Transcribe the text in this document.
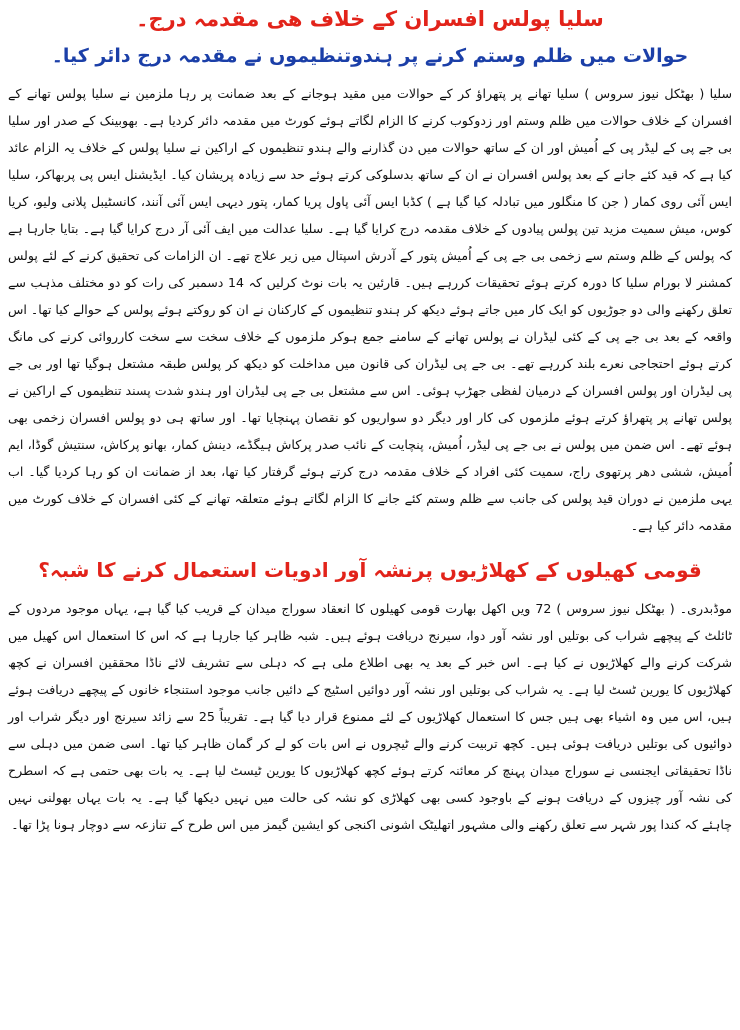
سلیا پولس افسران کے خلاف ھی مقدمہ درج۔
حوالات میں ظلم وستم کرنے پر ہندوتنظیموں نے مقدمہ درج دائر کیا۔

سلیا ( بھٹکل نیوز سروس ) سلیا تھانے پر پتھراؤ کر کے حوالات میں مقید ہوجانے کے بعد ضمانت پر رہا ملزمین نے سلیا پولس تھانے کے افسران کے خلاف حوالات میں ظلم وستم اور زدوکوب کرنے کا الزام لگاتے ہوئے کورٹ میں مقدمہ دائر کردیا ہے۔ بھوبینک کے صدر اور سلیا بی جے پی کے لیڈر پی کے اُمیش اور ان کے ساتھ حوالات میں دن گذارنے والے ہندو تنظیموں کے اراکین نے سلیا پولس کے خلاف یہ الزام عائد کیا ہے کہ قید کئے جانے کے بعد پولس افسران نے ان کے ساتھ بدسلوکی کرتے ہوئے حد سے زیادہ پریشان کیا۔ ایڈیشنل ایس پی پربھاکر، سلیا ایس آئی روی کمار ( جن کا منگلور میں تبادلہ کیا گیا ہے ) کڈبا ایس آئی پاول پریا کمار، پتور دیہی ایس آئی آنند، کانسٹیبل پلانی ولیو، کریا کوس، میش سمیت مزید تین پولس پیادوں کے خلاف مقدمہ درج کرایا گیا ہے۔ سلیا عدالت میں ایف آئی آر درج کرایا گیا ہے۔ بتایا جارہا ہے کہ پولس کے ظلم وستم سے زخمی بی جے پی کے اُمیش پتور کے آدرش اسپتال میں زیر علاج تھے۔ ان الزامات کی تحقیق کرنے کے لئے پولس کمشنر لا بورام سلیا کا دورہ کرتے ہوئے تحقیقات کررہے ہیں۔ قارئین یہ بات نوٹ کرلیں کہ 14 دسمبر کی رات کو دو مختلف مذہب سے تعلق رکھنے والی دو جوڑیوں کو ایک کار میں جاتے ہوئے دیکھ کر ہندو تنظیموں کے کارکنان نے ان کو روکتے ہوئے پولس کے حوالے کیا تھا۔ اس واقعہ کے بعد بی جے پی کے کئی لیڈران نے پولس تھانے کے سامنے جمع ہوکر ملزموں کے خلاف سخت سے سخت کارروائی کرنے کی مانگ کرتے ہوئے احتجاجی نعرے بلند کررہے تھے۔ بی جے پی لیڈران کی قانون میں مداخلت کو دیکھ کر پولس طبقہ مشتعل ہوگیا تھا اور بی جے پی لیڈران اور پولس افسران کے درمیان لفظی جھڑپ ہوئی۔ اس سے مشتعل بی جے پی لیڈران اور ہندو شدت پسند تنظیموں کے اراکین نے پولس تھانے پر پتھراؤ کرتے ہوئے ملزموں کی کار اور دیگر دو سواریوں کو نقصان پہنچایا تھا۔ اور ساتھ ہی دو پولس افسران زخمی بھی ہوئے تھے۔ اس ضمن میں پولس نے بی جے پی لیڈر، اُمیش، پنچایت کے نائب صدر پرکاش ہیگڈے، دینش کمار، بھانو پرکاش، سنتیش گوڈا، ایم اُمیش، ششی دھر پرتھوی راج، سمیت کئی افراد کے خلاف مقدمہ درج کرتے ہوئے گرفتار کیا تھا، بعد از ضمانت ان کو رہا کردیا گیا۔ اب یہی ملزمین نے دوران قید پولس کی جانب سے ظلم وستم کئے جانے کا الزام لگاتے ہوئے متعلقہ تھانے کے کئی افسران کے خلاف کورٹ میں مقدمہ دائر کیا ہے۔

قومی کھیلوں کے کھلاڑیوں پرنشہ آور ادویات استعمال کرنے کا شبہ؟

موڈبدری۔ ( بھٹکل نیوز سروس ) 72 ویں اکھل بھارت قومی کھیلوں کا انعقاد سوراج میدان کے قریب کیا گیا ہے، یہاں موجود مردوں کے ٹائلٹ کے پیچھے شراب کی بوتلیں اور نشہ آور دوا، سیرنج دریافت ہوئے ہیں۔ شبہ ظاہر کیا جارہا ہے کہ اس کا استعمال اس کھیل میں شرکت کرنے والے کھلاڑیوں نے کیا ہے۔ اس خبر کے بعد یہ بھی اطلاع ملی ہے کہ دہلی سے تشریف لائے ناڈا محققین افسران نے کچھ کھلاڑیوں کا یورین ٹسٹ لیا ہے۔ یہ شراب کی بوتلیں اور نشہ آور دوائیں اسٹیج کے دائیں جانب موجود استنجاء خانوں کے پیچھے دریافت ہوئے ہیں، اس میں وہ اشیاء بھی ہیں جس کا استعمال کھلاڑیوں کے لئے ممنوع قرار دیا گیا ہے۔ تقریباً 25 سے زائد سیرنج اور دیگر شراب اور دوائیوں کی بوتلیں دریافت ہوئی ہیں۔ کچھ تربیت کرنے والے ٹیچروں نے اس بات کو لے کر گمان ظاہر کیا تھا۔ اسی ضمن میں دہلی سے ناڈا تحقیقاتی ایجنسی نے سوراج میدان پہنچ کر معائنہ کرتے ہوئے کچھ کھلاڑیوں کا یورین ٹیسٹ لیا ہے۔ یہ بات بھی حتمی ہے کہ اسطرح کی نشہ آور چیزوں کے دریافت ہونے کے باوجود کسی بھی کھلاڑی کو نشہ کی حالت میں نہیں دیکھا گیا ہے۔ یہ بات یہاں بھولنی نہیں چاہئے کہ کندا پور شہر سے تعلق رکھنے والی مشہور اتھلیٹک اشونی اکنجی کو ایشین گیمز میں اس طرح کے تنازعہ سے دوچار ہونا پڑا تھا۔
